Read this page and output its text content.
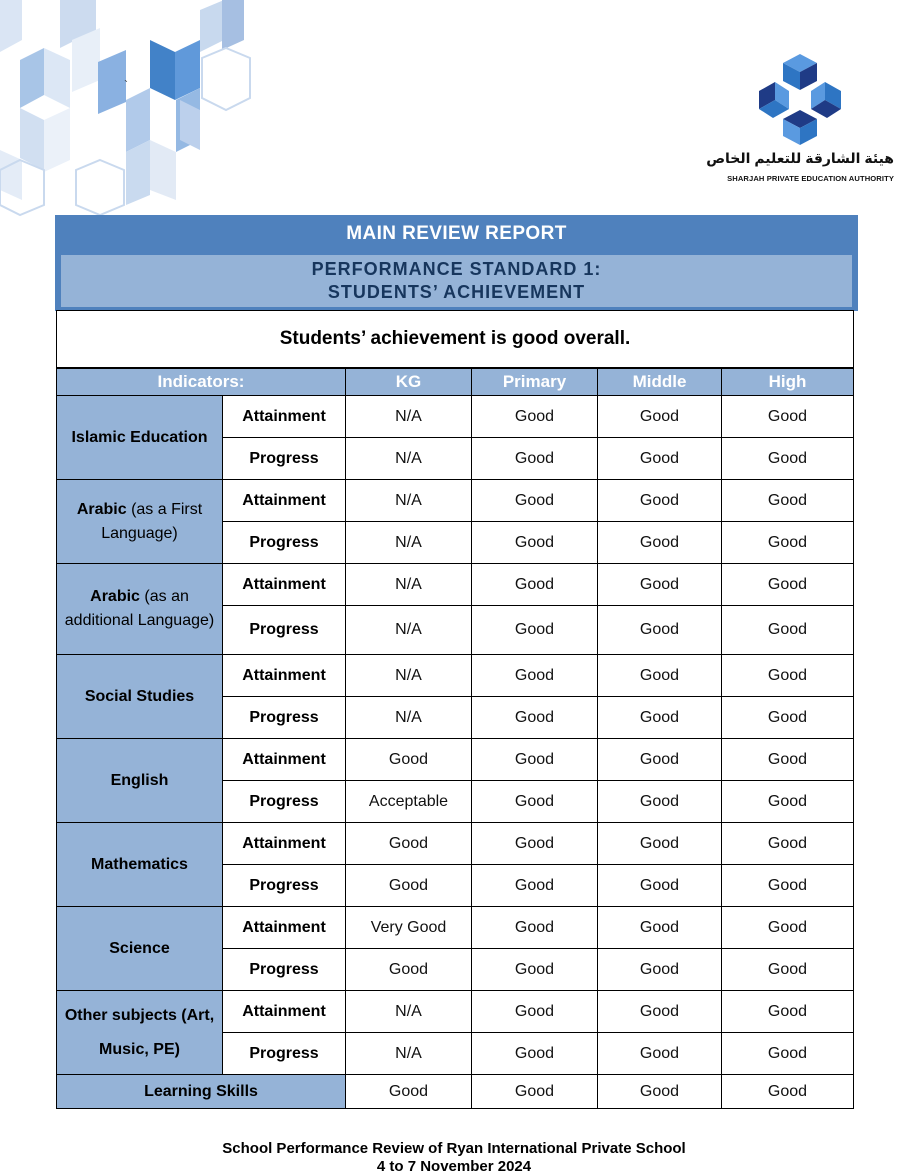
`
هيئة الشارقة للتعليم الخاص
SHARJAH PRIVATE EDUCATION AUTHORITY
MAIN REVIEW REPORT
PERFORMANCE STANDARD 1:
STUDENTS’ ACHIEVEMENT
Students’ achievement is good overall.
Indicators:		KG	Primary	Middle	High
Islamic Education	Attainment	N/A	Good	Good	Good
	Progress	N/A	Good	Good	Good
Arabic (as a First Language)	Attainment	N/A	Good	Good	Good
	Progress	N/A	Good	Good	Good
Arabic (as an additional Language)	Attainment	N/A	Good	Good	Good
	Progress	N/A	Good	Good	Good
Social Studies	Attainment	N/A	Good	Good	Good
	Progress	N/A	Good	Good	Good
English	Attainment	Good	Good	Good	Good
	Progress	Acceptable	Good	Good	Good
Mathematics	Attainment	Good	Good	Good	Good
	Progress	Good	Good	Good	Good
Science	Attainment	Very Good	Good	Good	Good
	Progress	Good	Good	Good	Good
Other subjects (Art, Music, PE)	Attainment	N/A	Good	Good	Good
	Progress	N/A	Good	Good	Good
Learning Skills		Good	Good	Good	Good
School Performance Review of Ryan International Private School
4 to 7 November 2024
